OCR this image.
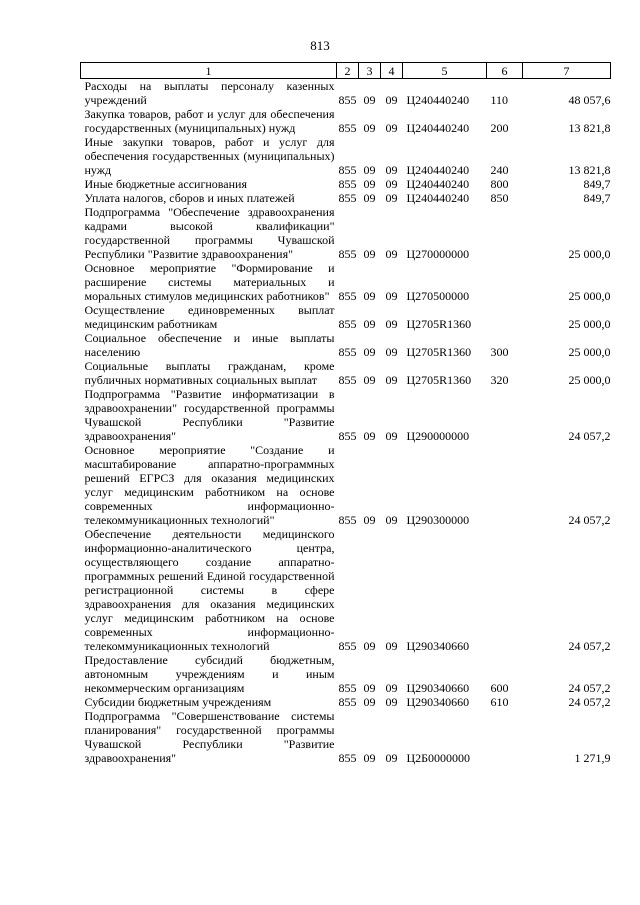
813
1	2	3	4	5	6	7
Расходы на выплаты персоналу казенных учреждений	855	09	09	Ц240440240	110	48 057,6
Закупка товаров, работ и услуг для обеспечения государственных (муниципальных) нужд	855	09	09	Ц240440240	200	13 821,8
Иные закупки товаров, работ и услуг для обеспечения государственных (муниципальных) нужд	855	09	09	Ц240440240	240	13 821,8
Иные бюджетные ассигнования	855	09	09	Ц240440240	800	849,7
Уплата налогов, сборов и иных платежей	855	09	09	Ц240440240	850	849,7
Подпрограмма "Обеспечение здравоохранения кадрами высокой квалификации" государственной программы Чувашской Республики "Развитие здравоохранения"	855	09	09	Ц270000000		25 000,0
Основное мероприятие "Формирование и расширение системы материальных и моральных стимулов медицинских работников"	855	09	09	Ц270500000		25 000,0
Осуществление единовременных выплат медицинским работникам	855	09	09	Ц2705R1360		25 000,0
Социальное обеспечение и иные выплаты населению	855	09	09	Ц2705R1360	300	25 000,0
Социальные выплаты гражданам, кроме публичных нормативных социальных выплат	855	09	09	Ц2705R1360	320	25 000,0
Подпрограмма "Развитие информатизации в здравоохранении" государственной программы Чувашской Республики "Развитие здравоохранения"	855	09	09	Ц290000000		24 057,2
Основное мероприятие "Создание и масштабирование аппаратно-программных решений ЕГРСЗ для оказания медицинских услуг медицинским работником на основе современных информационно-телекоммуникационных технологий"	855	09	09	Ц290300000		24 057,2
Обеспечение деятельности медицинского информационно-аналитического центра, осуществляющего создание аппаратно-программных решений Единой государственной регистрационной системы в сфере здравоохранения для оказания медицинских услуг медицинским работником на основе современных информационно-телекоммуникационных технологий	855	09	09	Ц290340660		24 057,2
Предоставление субсидий бюджетным, автономным учреждениям и иным некоммерческим организациям	855	09	09	Ц290340660	600	24 057,2
Субсидии бюджетным учреждениям	855	09	09	Ц290340660	610	24 057,2
Подпрограмма "Совершенствование системы планирования" государственной программы Чувашской Республики "Развитие здравоохранения"	855	09	09	Ц2Б0000000		1 271,9
